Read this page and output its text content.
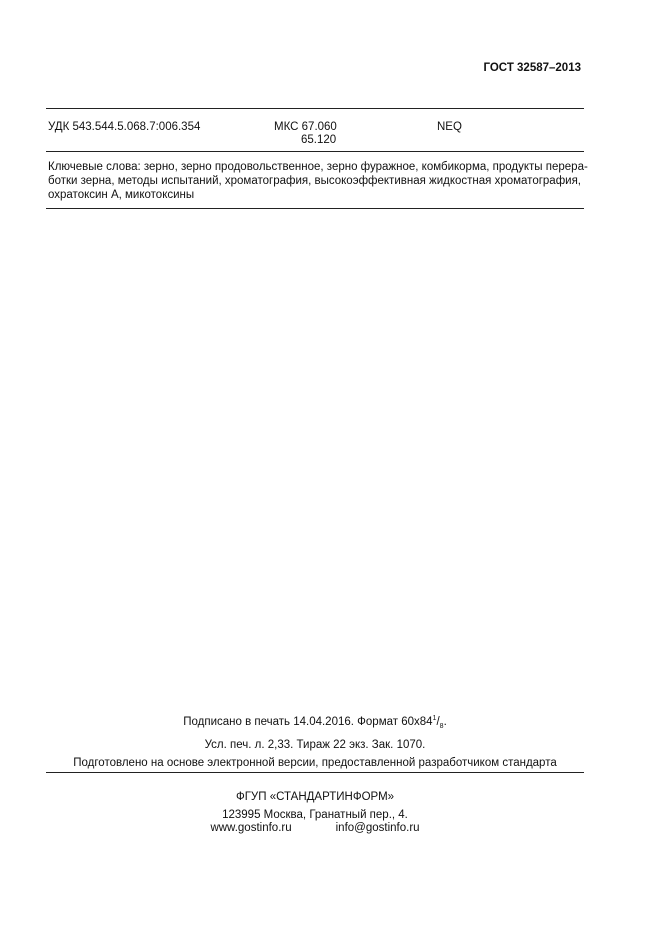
ГОСТ 32587–2013
УДК 543.544.5.068.7:006.354	МКС 67.060
65.120
NEQ
Ключевые слова: зерно, зерно продовольственное, зерно фуражное, комбикорма, продукты перера-
ботки зерна, методы испытаний, хроматография, высокоэффективная жидкостная хроматография,
охратоксин А, микотоксины
Подписано в печать 14.04.2016. Формат $60x84^1/_8$.
Усл. печ. л. 2,33. Тираж 22 экз. Зак. 1070.
Подготовлено на основе электронной версии, предоставленной разработчиком стандарта
ФГУП «СТАНДАРТИНФОРМ»
123995 Москва, Гранатный пер., 4.
www.gostinfo.ru	info@gostinfo.ru
